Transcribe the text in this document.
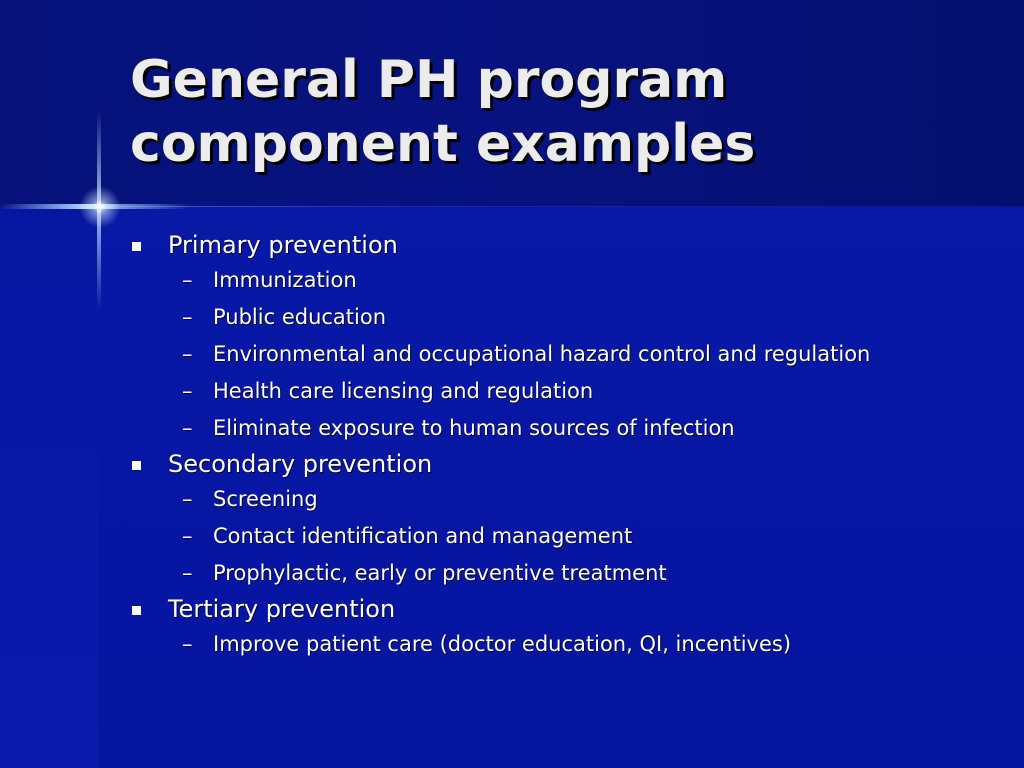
General PH program
component examples
Primary prevention
– Immunization
– Public education
– Environmental and occupational hazard control and regulation
– Health care licensing and regulation
– Eliminate exposure to human sources of infection
Secondary prevention
– Screening
– Contact identification and management
– Prophylactic, early or preventive treatment
Tertiary prevention
– Improve patient care (doctor education, QI, incentives)
